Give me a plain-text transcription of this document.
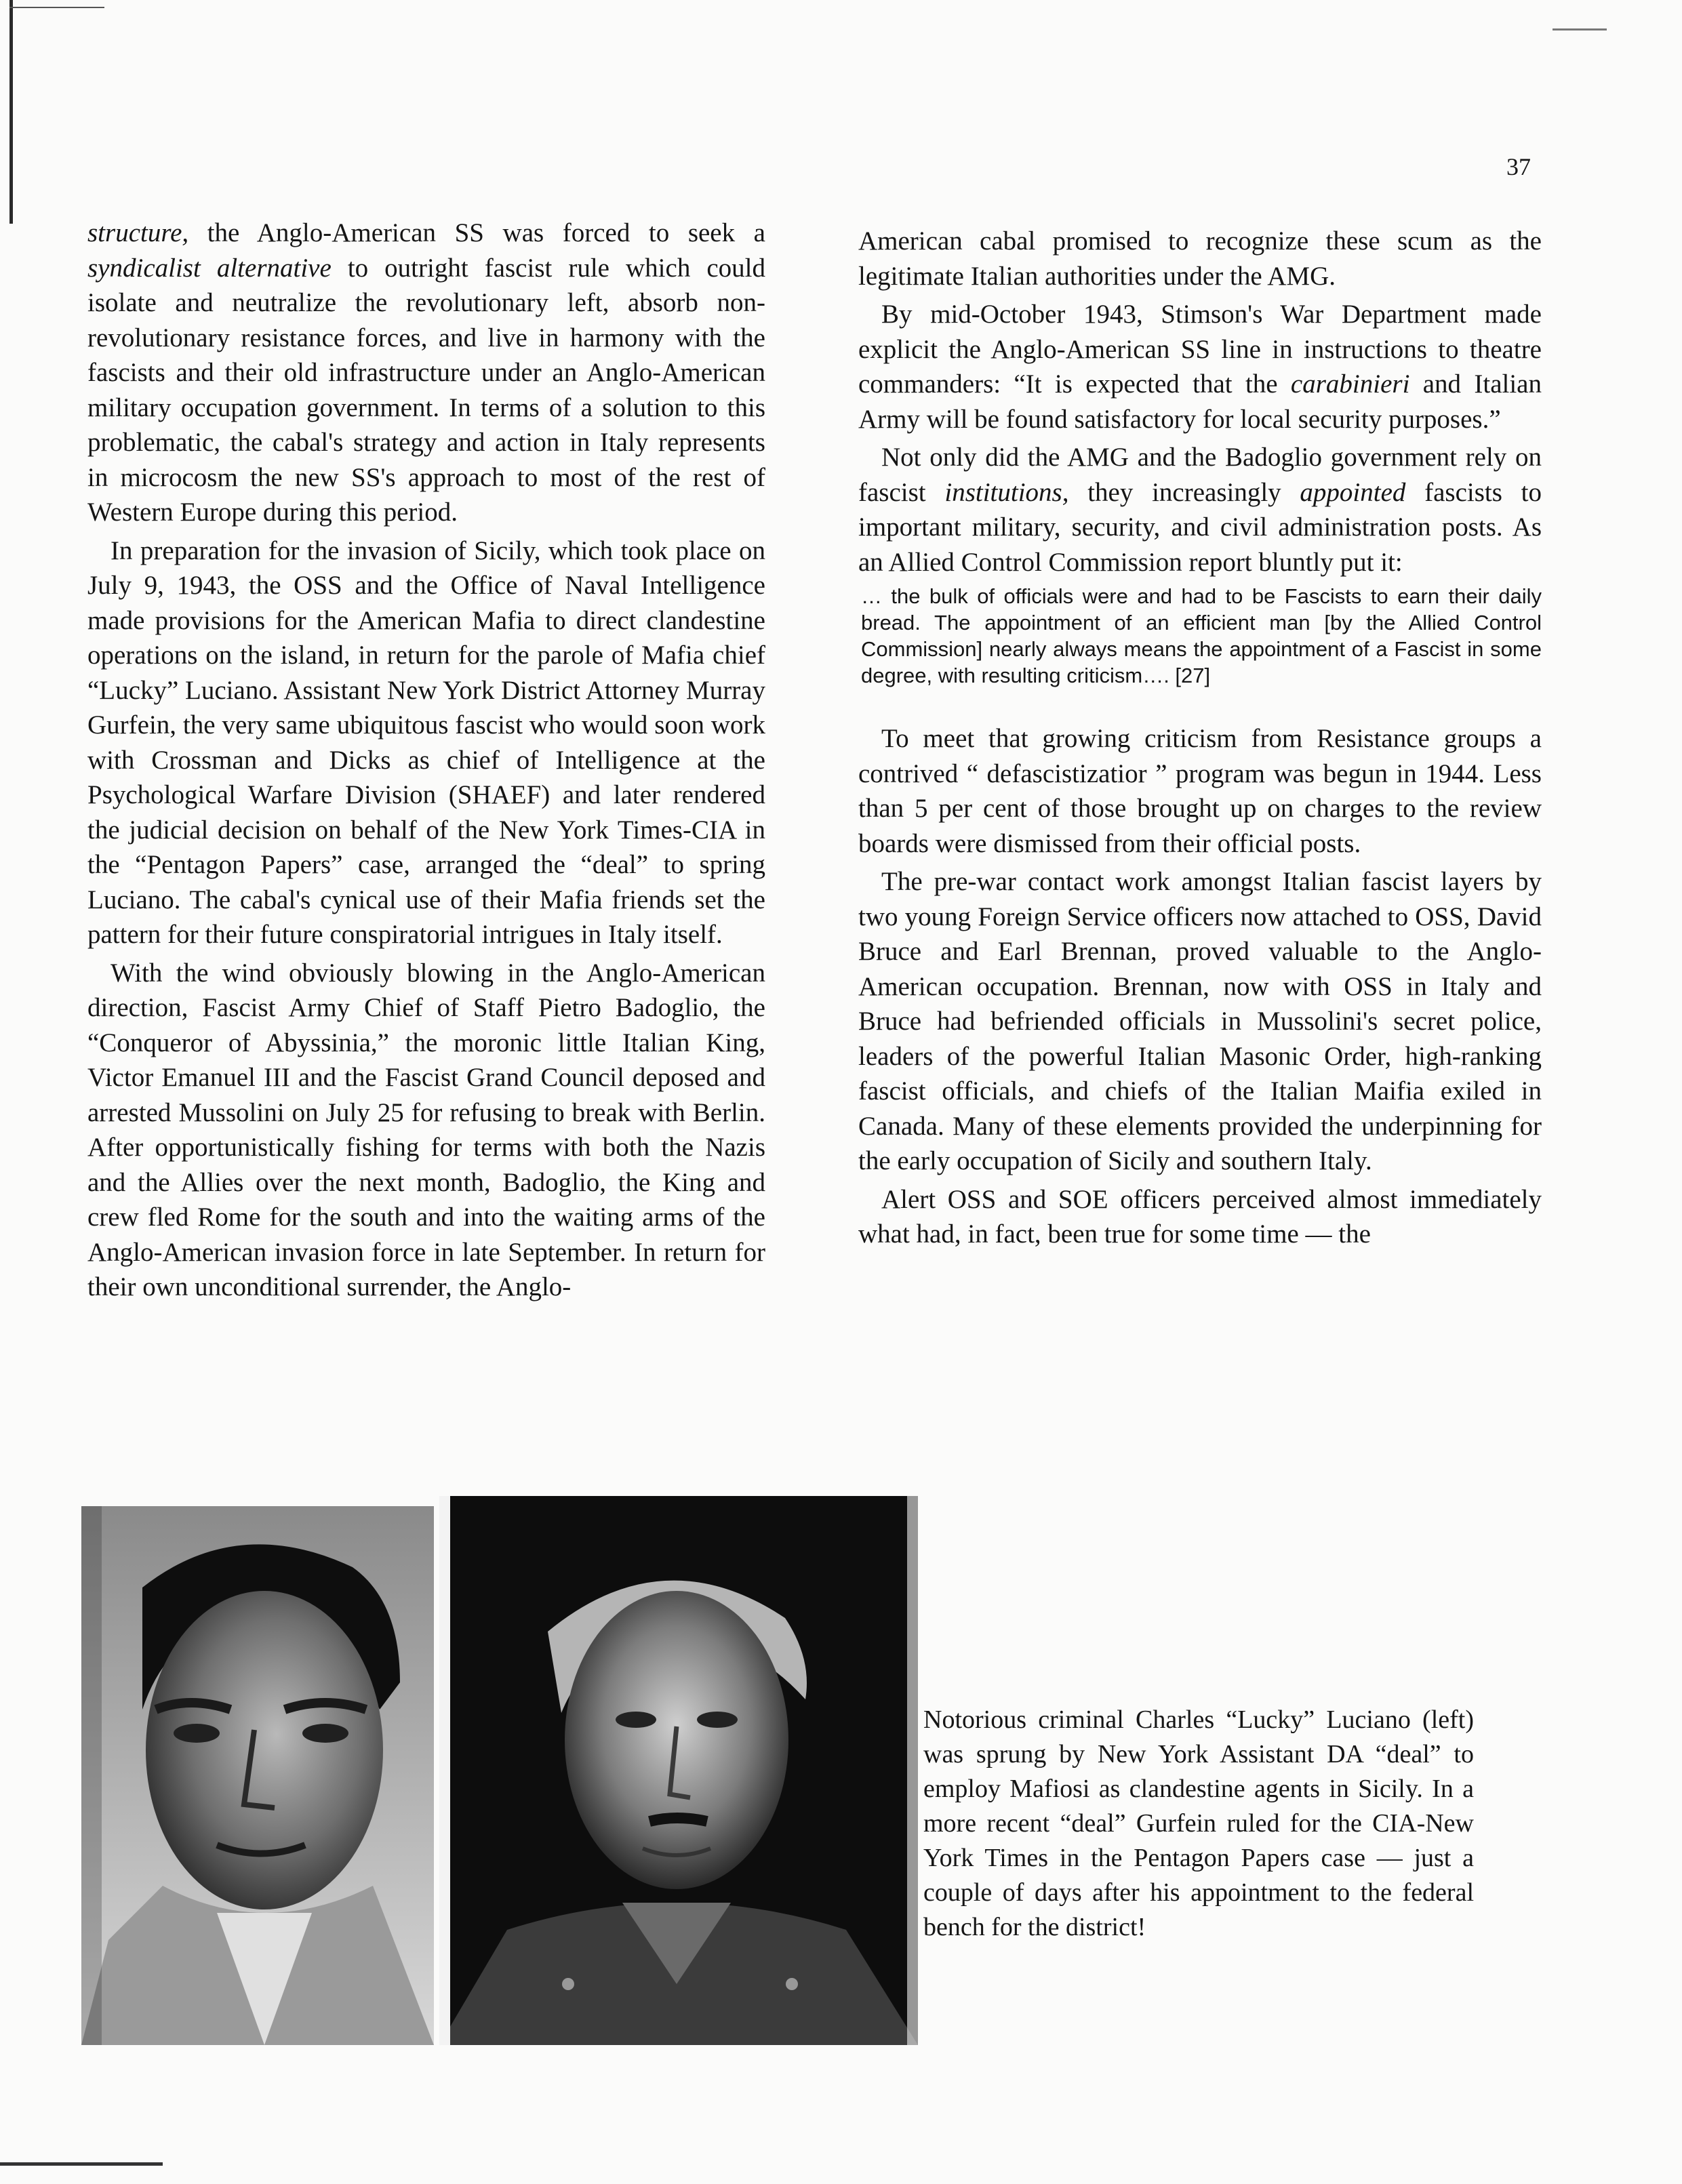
37

structure, the Anglo-American SS was forced to seek a syndicalist alternative to outright fascist rule which could isolate and neutralize the revolutionary left, absorb non-revolutionary resistance forces, and live in harmony with the fascists and their old infrastructure under an Anglo-American military occupation government. In terms of a solution to this problematic, the cabal's strategy and action in Italy represents in microcosm the new SS's approach to most of the rest of Western Europe during this period.

In preparation for the invasion of Sicily, which took place on July 9, 1943, the OSS and the Office of Naval Intelligence made provisions for the American Mafia to direct clandestine operations on the island, in return for the parole of Mafia chief “Lucky” Luciano. Assistant New York District Attorney Murray Gurfein, the very same ubiquitous fascist who would soon work with Crossman and Dicks as chief of Intelligence at the Psychological Warfare Division (SHAEF) and later rendered the judicial decision on behalf of the New York Times-CIA in the “Pentagon Papers” case, arranged the “deal” to spring Luciano. The cabal's cynical use of their Mafia friends set the pattern for their future conspiratorial intrigues in Italy itself.

With the wind obviously blowing in the Anglo-American direction, Fascist Army Chief of Staff Pietro Badoglio, the “Conqueror of Abyssinia,” the moronic little Italian King, Victor Emanuel III and the Fascist Grand Council deposed and arrested Mussolini on July 25 for refusing to break with Berlin. After opportunistically fishing for terms with both the Nazis and the Allies over the next month, Badoglio, the King and crew fled Rome for the south and into the waiting arms of the Anglo-American invasion force in late September. In return for their own unconditional surrender, the Anglo-

American cabal promised to recognize these scum as the legitimate Italian authorities under the AMG.

By mid-October 1943, Stimson's War Department made explicit the Anglo-American SS line in instructions to theatre commanders: “It is expected that the carabinieri and Italian Army will be found satisfactory for local security purposes.”

Not only did the AMG and the Badoglio government rely on fascist institutions, they increasingly appointed fascists to important military, security, and civil administration posts. As an Allied Control Commission report bluntly put it:

… the bulk of officials were and had to be Fascists to earn their daily bread. The appointment of an efficient man [by the Allied Control Commission] nearly always means the appointment of a Fascist in some degree, with resulting criticism…. [27]

To meet that growing criticism from Resistance groups a contrived “ defascistizatior ” program was begun in 1944. Less than 5 per cent of those brought up on charges to the review boards were dismissed from their official posts.

The pre-war contact work amongst Italian fascist layers by two young Foreign Service officers now attached to OSS, David Bruce and Earl Brennan, proved valuable to the Anglo-American occupation. Brennan, now with OSS in Italy and Bruce had befriended officials in Mussolini's secret police, leaders of the powerful Italian Masonic Order, high-ranking fascist officials, and chiefs of the Italian Maifia exiled in Canada. Many of these elements provided the underpinning for the early occupation of Sicily and southern Italy.

Alert OSS and SOE officers perceived almost immediately what had, in fact, been true for some time — the

Notorious criminal Charles “Lucky” Luciano (left) was sprung by New York Assistant DA “deal” to employ Mafiosi as clandestine agents in Sicily. In a more recent “deal” Gurfein ruled for the CIA-New York Times in the Pentagon Papers case — just a couple of days after his appointment to the federal bench for the district!
